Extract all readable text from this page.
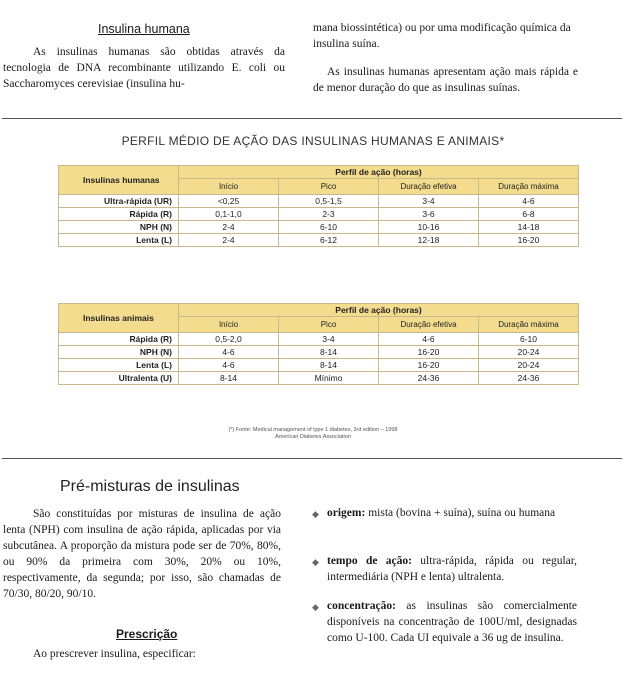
Insulina humana

As insulinas humanas são obtidas através da tecnologia de DNA recombinante utilizando E. coli ou Saccharomyces cerevisiae (insulina hu-

mana biossintética) ou por uma modificação química da insulina suína.

As insulinas humanas apresentam ação mais rápida e de menor duração do que as insulinas suínas.

PERFIL MÉDIO DE AÇÃO DAS INSULINAS HUMANAS E ANIMAIS*
Insulinas humanas	Perfil de ação (horas)			
	Início	Pico	Duração efetiva	Duração máxima
Ultra-rápida (UR)	<0,25	0,5-1,5	3-4	4-6
Rápida (R)	0,1-1,0	2-3	3-6	6-8
NPH (N)	2-4	6-10	10-16	14-18
Lenta (L)	2-4	6-12	12-18	16-20
Insulinas animais	Perfil de ação (horas)			
	Início	Pico	Duração efetiva	Duração máxima
Rápida (R)	0,5-2,0	3-4	4-6	6-10
NPH (N)	4-6	8-14	16-20	20-24
Lenta (L)	4-6	8-14	16-20	20-24
Ultralenta (U)	8-14	Mínimo	24-36	24-36
(*) Fonte: Medical management of type 1 diabetes, 3rd edition – 1998
American Diabetes Association
Pré-misturas de insulinas

São constituídas por misturas de insulina de ação lenta (NPH) com insulina de ação rápida, aplicadas por via subcutânea. A proporção da mistura pode ser de 70%, 80%, ou 90% da primeira com 30%, 20% ou 10%, respectivamente, da segunda; por isso, são chamadas de 70/30, 80/20, 90/10.

Prescrição

Ao prescrever insulina, especificar:

◆ origem: mista (bovina + suína), suína ou humana

◆ tempo de ação: ultra-rápida, rápida ou regular, intermediária (NPH e lenta) ultralenta.

◆ concentração: as insulinas são comercialmente disponíveis na concentração de 100U/ml, designadas como U-100. Cada UI equivale a 36 ug de insulina.
